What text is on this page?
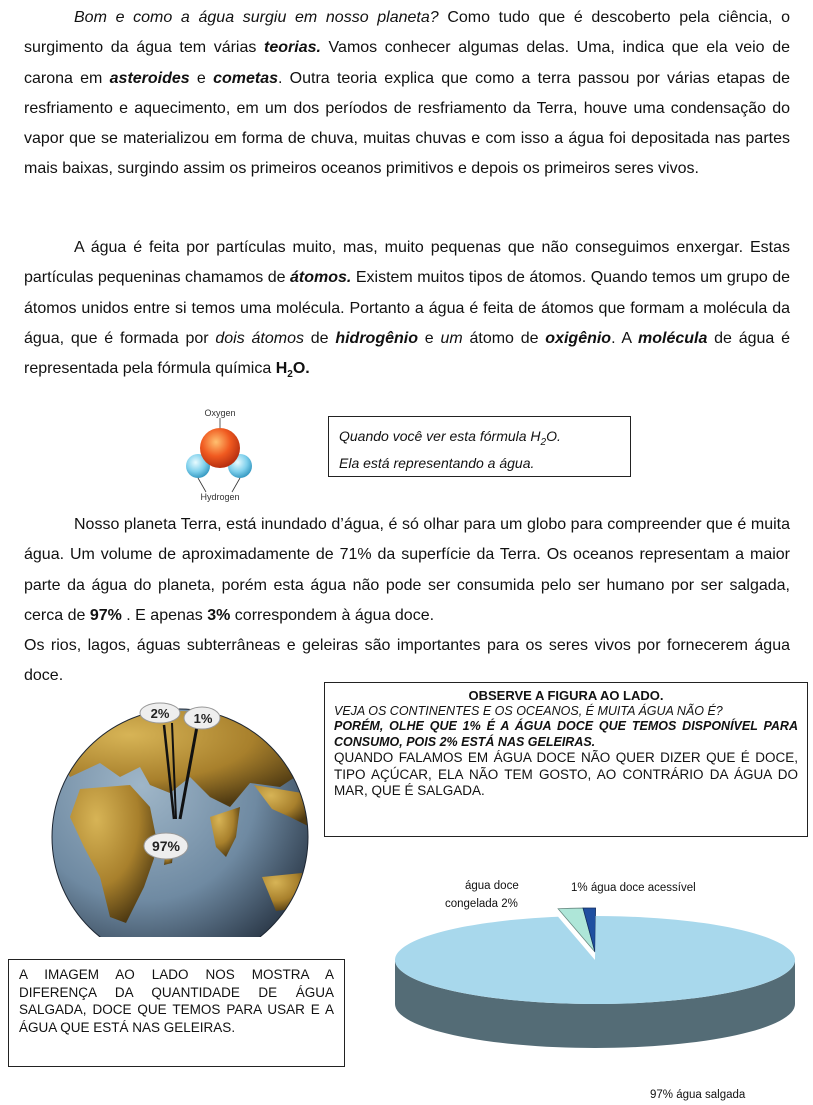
Bom e como a água surgiu em nosso planeta? Como tudo que é descoberto pela ciência, o surgimento da água tem várias teorias. Vamos conhecer algumas delas. Uma, indica que ela veio de carona em asteroides e cometas. Outra teoria explica que como a terra passou por várias etapas de resfriamento e aquecimento, em um dos períodos de resfriamento da Terra, houve uma condensação do vapor que se materializou em forma de chuva, muitas chuvas e com isso a água foi depositada nas partes mais baixas, surgindo assim os primeiros oceanos primitivos e depois os primeiros seres vivos.

A água é feita por partículas muito, mas, muito pequenas que não conseguimos enxergar. Estas partículas pequeninas chamamos de átomos. Existem muitos tipos de átomos. Quando temos um grupo de átomos unidos entre si temos uma molécula. Portanto a água é feita de átomos que formam a molécula da água, que é formada por dois átomos de hidrogênio e um átomo de oxigênio. A molécula de água é representada pela fórmula química $H_2O$.

Oxygen
Hydrogen
Quando você ver esta fórmula $H_2O$.
Ela está representando a água.

Nosso planeta Terra, está inundado d’água, é só olhar para um globo para compreender que é muita água. Um volume de aproximadamente de 71% da superfície da Terra. Os oceanos representam a maior parte da água do planeta, porém esta água não pode ser consumida pelo ser humano por ser salgada, cerca de 97% . E apenas 3% correspondem à água doce.

Os rios, lagos, águas subterrâneas e geleiras são importantes para os seres vivos por fornecerem água doce.

OBSERVE A FIGURA AO LADO.
VEJA OS CONTINENTES E OS OCEANOS, É MUITA ÁGUA NÃO É?
PORÉM, OLHE QUE 1% É A ÁGUA DOCE QUE TEMOS DISPONÍVEL PARA CONSUMO, POIS 2% ESTÁ NAS GELEIRAS.
QUANDO FALAMOS EM ÁGUA DOCE NÃO QUER DIZER QUE É DOCE, TIPO AÇÚCAR, ELA NÃO TEM GOSTO, AO CONTRÁRIO DA ÁGUA DO MAR, QUE É SALGADA.
2% 1%
97%
A IMAGEM AO LADO NOS MOSTRA A DIFERENÇA DA QUANTIDADE DE ÁGUA SALGADA, DOCE QUE TEMOS PARA USAR E A ÁGUA QUE ESTÁ NAS GELEIRAS.
1% água doce acessível
água doce
congelada 2%
97% água salgada
